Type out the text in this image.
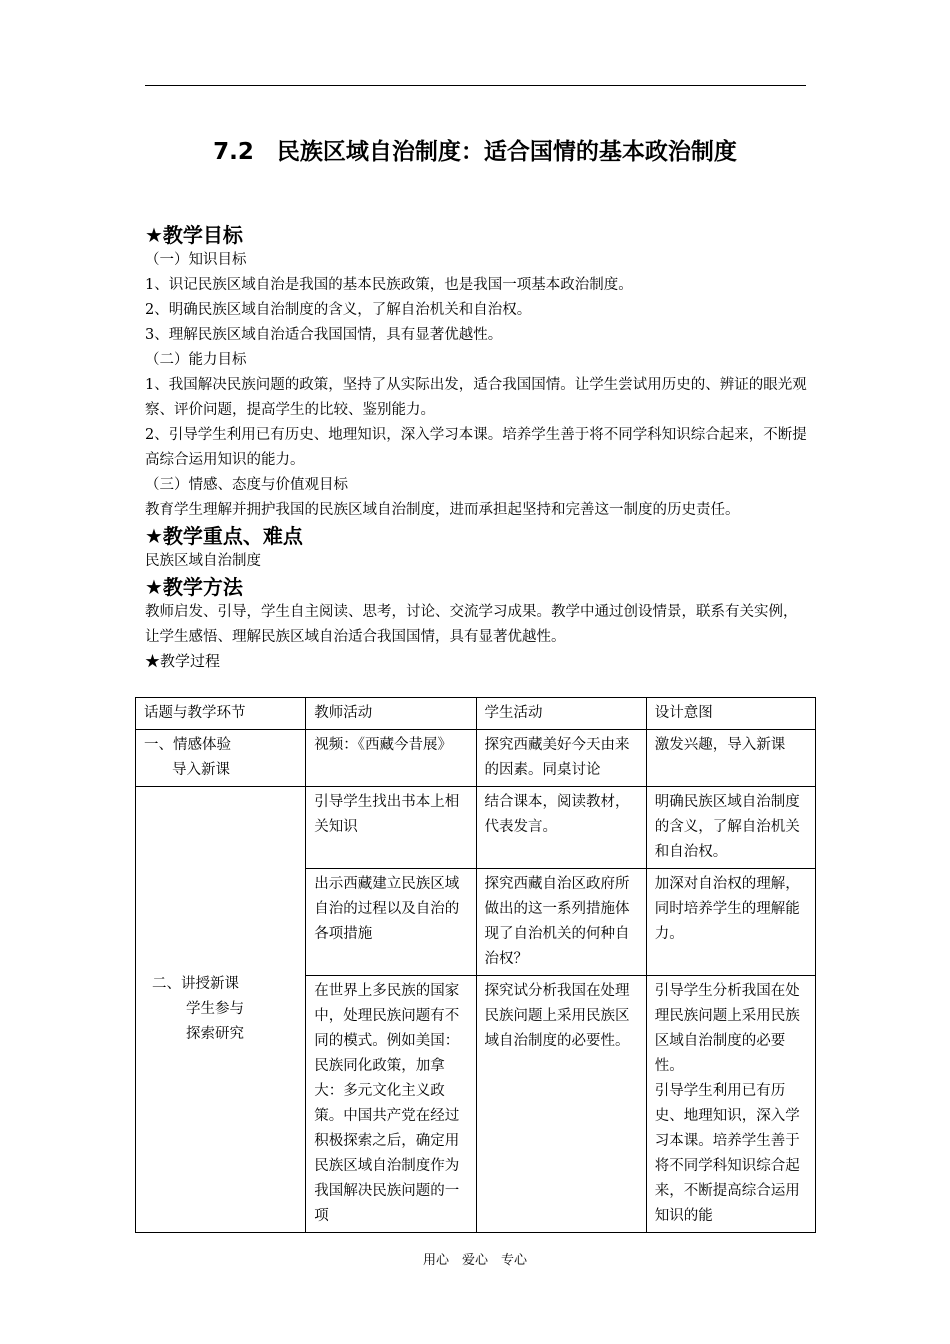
7.2　民族区域自治制度：适合国情的基本政治制度
★教学目标
（一）知识目标
1、识记民族区域自治是我国的基本民族政策，也是我国一项基本政治制度。
2、明确民族区域自治制度的含义，了解自治机关和自治权。
3、理解民族区域自治适合我国国情，具有显著优越性。
（二）能力目标
1、我国解决民族问题的政策，坚持了从实际出发，适合我国国情。让学生尝试用历史的、辨证的眼光观察、评价问题，提高学生的比较、鉴别能力。
2、引导学生利用已有历史、地理知识，深入学习本课。培养学生善于将不同学科知识综合起来，不断提高综合运用知识的能力。
（三）情感、态度与价值观目标
教育学生理解并拥护我国的民族区域自治制度，进而承担起坚持和完善这一制度的历史责任。
★教学重点、难点
民族区域自治制度
★教学方法
教师启发、引导，学生自主阅读、思考，讨论、交流学习成果。教学中通过创设情景，联系有关实例，让学生感悟、理解民族区域自治适合我国国情，具有显著优越性。
★教学过程
话题与教学环节	教师活动	学生活动	设计意图

一、情感体验
导入新课	视频：《西藏今昔展》	探究西藏美好今天由来的因素。同桌讨论	激发兴趣，导入新课

二、讲授新课
学生参与
探索研究	引导学生找出书本上相关知识	结合课本，阅读教材，代表发言。	明确民族区域自治制度的含义，了解自治机关和自治权。
	出示西藏建立民族区域自治的过程以及自治的各项措施	探究西藏自治区政府所做出的这一系列措施体现了自治机关的何种自治权？	加深对自治权的理解，同时培养学生的理解能力。
	在世界上多民族的国家中，处理民族问题有不同的模式。例如美国：民族同化政策，加拿大：多元文化主义政策。中国共产党在经过积极探索之后，确定用民族区域自治制度作为我国解决民族问题的一项	探究试分析我国在处理民族问题上采用民族区域自治制度的必要性。	引导学生分析我国在处理民族问题上采用民族区域自治制度的必要性。
引导学生利用已有历史、地理知识，深入学习本课。培养学生善于将不同学科知识综合起来，不断提高综合运用知识的能
用心　爱心　专心
